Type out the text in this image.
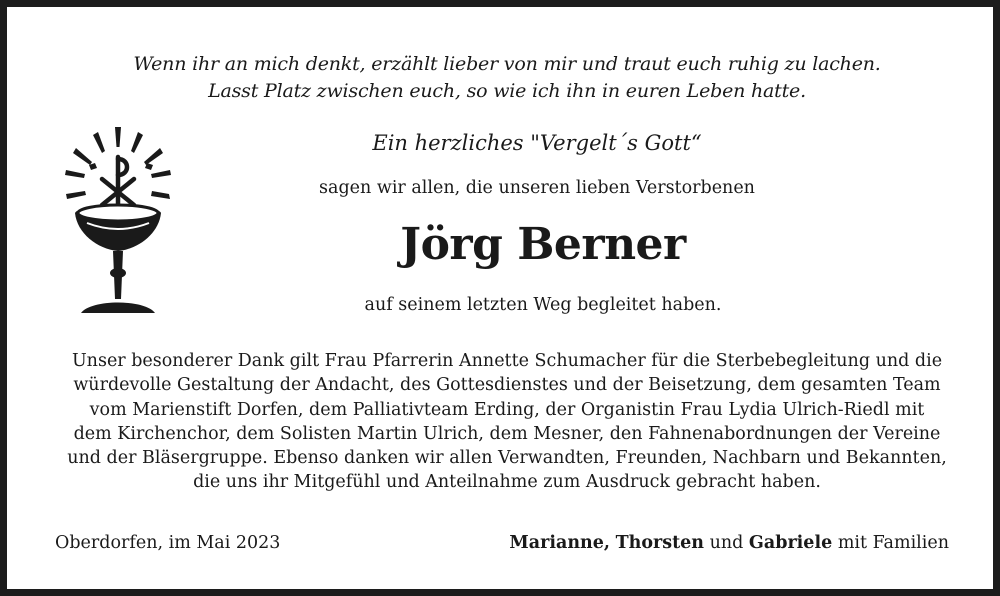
Wenn ihr an mich denkt, erzählt lieber von mir und traut euch ruhig zu lachen.
Lasst Platz zwischen euch, so wie ich ihn in euren Leben hatte.
Ein herzliches "Vergelt´s Gott“
sagen wir allen, die unseren lieben Verstorbenen
Jörg Berner
auf seinem letzten Weg begleitet haben.
Unser besonderer Dank gilt Frau Pfarrerin Annette Schumacher für die Sterbebegleitung und die
würdevolle Gestaltung der Andacht, des Gottesdienstes und der Beisetzung, dem gesamten Team
vom Marienstift Dorfen, dem Palliativteam Erding, der Organistin Frau Lydia Ulrich-Riedl mit
dem Kirchenchor, dem Solisten Martin Ulrich, dem Mesner, den Fahnenabordnungen der Vereine
und der Bläsergruppe. Ebenso danken wir allen Verwandten, Freunden, Nachbarn und Bekannten,
die uns ihr Mitgefühl und Anteilnahme zum Ausdruck gebracht haben.
Oberdorfen, im Mai 2023	Marianne, Thorsten und Gabriele mit Familien
